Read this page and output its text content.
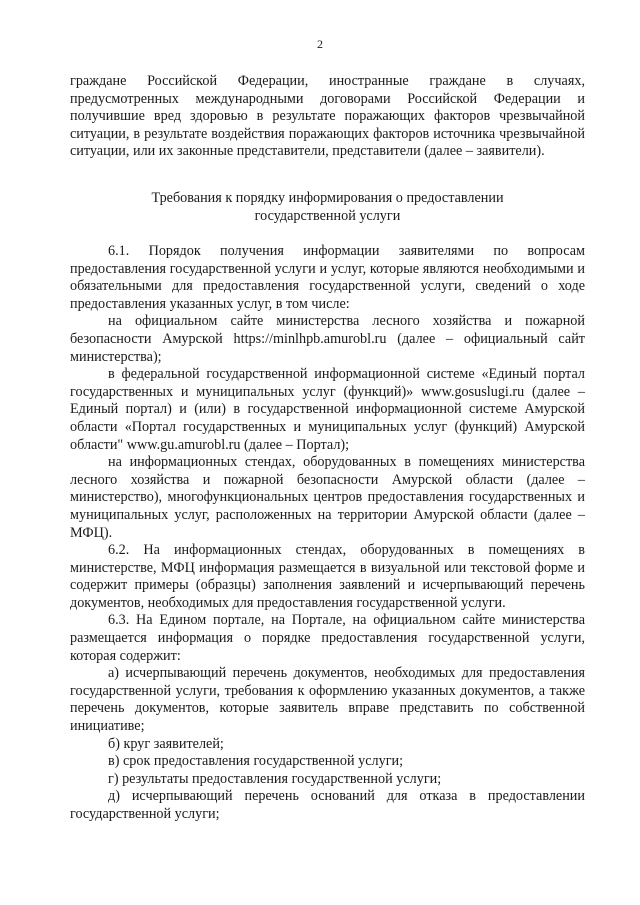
2

граждане Российской Федерации, иностранные граждане в случаях, предусмотренных международными договорами Российской Федерации и получившие вред здоровью в результате поражающих факторов чрезвычайной ситуации, в результате воздействия поражающих факторов источника чрезвычайной ситуации, или их законные представители, представители (далее – заявители).

Требования к порядку информирования о предоставлении

государственной услуги

6.1. Порядок получения информации заявителями по вопросам предоставления государственной услуги и услуг, которые являются необходимыми и обязательными для предоставления государственной услуги, сведений о ходе предоставления указанных услуг, в том числе:

на официальном сайте министерства лесного хозяйства и пожарной безопасности Амурской https://minlhpb.amurobl.ru (далее – официальный сайт министерства);

в федеральной государственной информационной системе «Единый портал государственных и муниципальных услуг (функций)» www.gosuslugi.ru (далее – Единый портал) и (или) в государственной информационной системе Амурской области «Портал государственных и муниципальных услуг (функций) Амурской области" www.gu.amurobl.ru (далее – Портал);

на информационных стендах, оборудованных в помещениях министерства лесного хозяйства и пожарной безопасности Амурской области (далее – министерство), многофункциональных центров предоставления государственных и муниципальных услуг, расположенных на территории Амурской области (далее – МФЦ).

6.2. На информационных стендах, оборудованных в помещениях в министерстве, МФЦ информация размещается в визуальной или текстовой форме и содержит примеры (образцы) заполнения заявлений и исчерпывающий перечень документов, необходимых для предоставления государственной услуги.

6.3. На Едином портале, на Портале, на официальном сайте министерства размещается информация о порядке предоставления государственной услуги, которая содержит:

а) исчерпывающий перечень документов, необходимых для предоставления государственной услуги, требования к оформлению указанных документов, а также перечень документов, которые заявитель вправе представить по собственной инициативе;

б) круг заявителей;

в) срок предоставления государственной услуги;

г) результаты предоставления государственной услуги;

д) исчерпывающий перечень оснований для отказа в предоставлении государственной услуги;
